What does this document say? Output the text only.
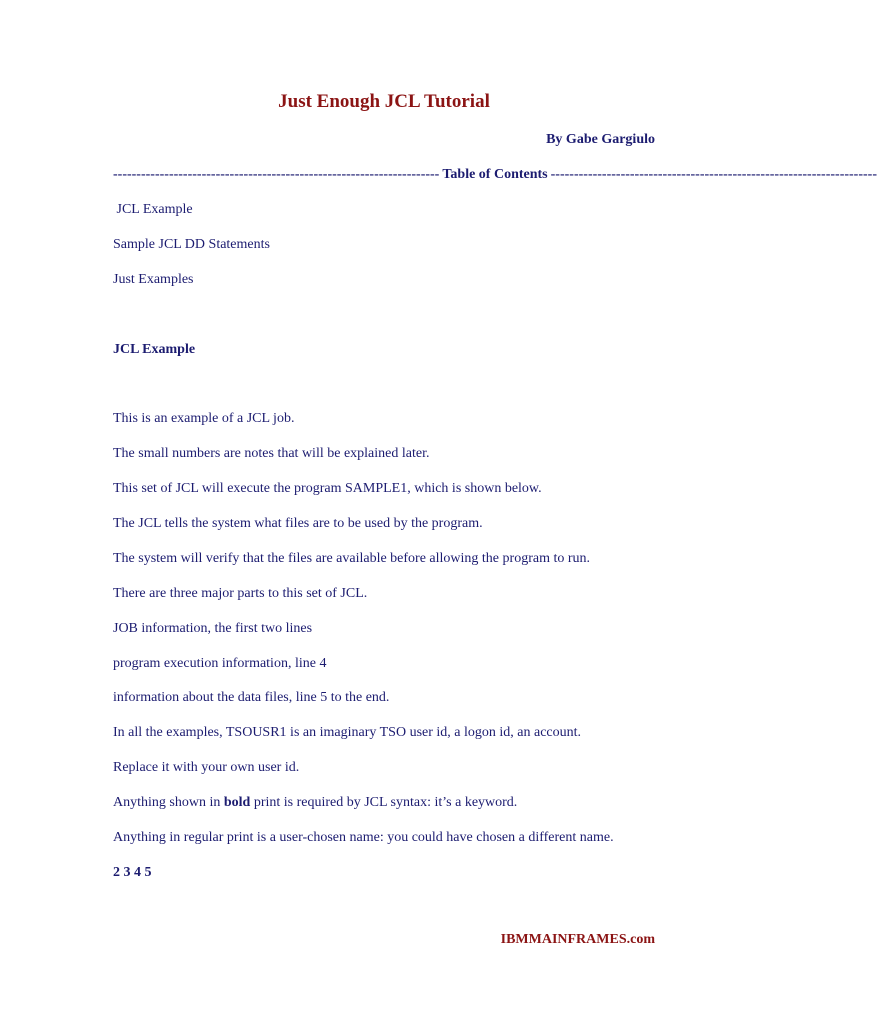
Just Enough JCL Tutorial
By Gabe Gargiulo
---------------------------------------------------------------------- Table of Contents ----------------------------------------------------------------------
JCL Example
Sample JCL DD Statements
Just Examples
JCL Example
This is an example of a JCL job.
The small numbers are notes that will be explained later.
This set of JCL will execute the program SAMPLE1, which is shown below.
The JCL tells the system what files are to be used by the program.
The system will verify that the files are available before allowing the program to run.
There are three major parts to this set of JCL.
JOB information, the first two lines
program execution information, line 4
information about the data files, line 5 to the end.
In all the examples, TSOUSR1 is an imaginary TSO user id, a logon id, an account.
Replace it with your own user id.
Anything shown in bold print is required by JCL syntax: it’s a keyword.
Anything in regular print is a user-chosen name: you could have chosen a different name.
2 3 4 5
IBMMAINFRAMES.com
